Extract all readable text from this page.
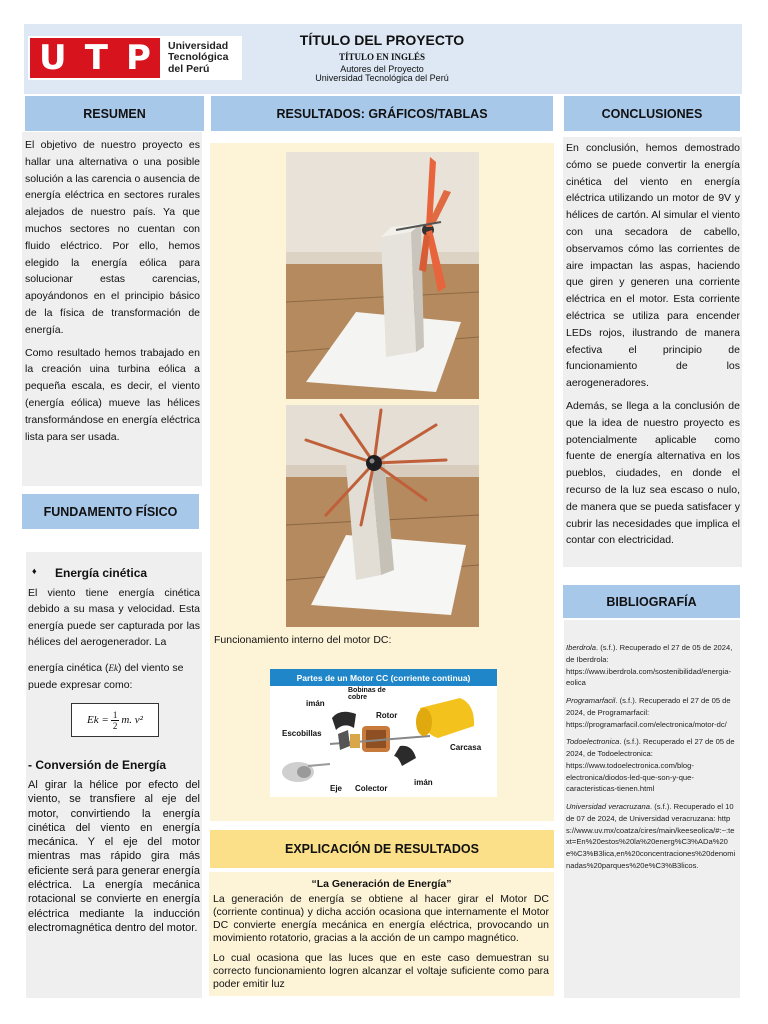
U T P Universidad
Tecnológica
del Perú
TÍTULO DEL PROYECTO
TÍTULO EN INGLÉS
Autores del Proyecto
Universidad Tecnológica del Perú
RESUMEN

El objetivo de nuestro proyecto es hallar una alternativa o una posible solución a las carencia o ausencia de energía eléctrica en sectores rurales alejados de nuestro país. Ya que muchos sectores no cuentan con fluido eléctrico. Por ello, hemos elegido la energía eólica para solucionar estas carencias, apoyándonos en el principio básico de la física de transformación de energía.

Como resultado hemos trabajado en la creación uina turbina eólica a pequeña escala, es decir, el viento (energía eólica) mueve las hélices transformándose en energía eléctrica lista para ser usada.

FUNDAMENTO FÍSICO
♦ Energía cinética
El viento tiene energía cinética debido a su masa y velocidad. Esta energía puede ser capturada por las hélices del aerogenerador. La
energía cinética (Ek) del viento se puede expresar como:
- Conversión de Energía
Al girar la hélice por efecto del viento, se transfiere al eje del motor, convirtiendo la energía cinética del viento en energía mecánica. Y el eje del motor mientras mas rápido gira más eficiente será para generar energía eléctrica. La energía mecánica rotacional se convierte en energía eléctrica mediante la inducción electromagnética dentro del motor.
$Ek = \frac{1}{2} m$. v²
RESULTADOS: GRÁFICOS/TABLAS
Funcionamiento interno del motor DC:
Partes de un Motor CC (corriente continua)
imán
Bobinas de cobre
Rotor
Escobillas
Carcasa
Eje Colector
imán
EXPLICACIÓN DE RESULTADOS
“La Generación de Energía”

La generación de energía se obtiene al hacer girar el Motor DC (corriente continua) y dicha acción ocasiona que internamente el Motor DC convierte energía mecánica en energía eléctrica, provocando un movimiento rotatorio, gracias a la acción de un campo magnético.

Lo cual ocasiona que las luces que en este caso demuestran su correcto funcionamiento logren alcanzar el voltaje suficiente como para poder emitir luz

CONCLUSIONES

En conclusión, hemos demostrado cómo se puede convertir la energía cinética del viento en energía eléctrica utilizando un motor de 9V y hélices de cartón. Al simular el viento con una secadora de cabello, observamos cómo las corrientes de aire impactan las aspas, haciendo que giren y generen una corriente eléctrica en el motor. Esta corriente eléctrica se utiliza para encender LEDs rojos, ilustrando de manera efectiva el principio de funcionamiento de los aerogeneradores.

Además, se llega a la conclusión de que la idea de nuestro proyecto es potencialmente aplicable como fuente de energía alternativa en los pueblos, ciudades, en donde el recurso de la luz sea escaso o nulo, de manera que se pueda satisfacer y cubrir las necesidades que implica el contar con electricidad.

BIBLIOGRAFÍA

Iberdrola. (s.f.). Recuperado el 27 de 05 de 2024, de Iberdrola: https://www.iberdrola.com/sostenibilidad/energia-eolica

Programarfacil. (s.f.). Recuperado el 27 de 05 de 2024, de Programarfacil: https://programarfacil.com/electronica/motor-dc/

Todoelectronica. (s.f.). Recuperado el 27 de 05 de 2024, de Todoelectronica: https://www.todoelectronica.com/blog-electronica/diodos-led-que-son-y-que-caracteristicas-tienen.html

Universidad veracruzana. (s.f.). Recuperado el 10 de 07 de 2024, de Universidad veracruzana: https://www.uv.mx/coatza/cires/main/keeseolica/#:~:text=En%20estos%20la%20energ%C3%ADa%20e%C3%B3lica,en%20concentraciones%20denominadas%20parques%20e%C3%B3licos.
